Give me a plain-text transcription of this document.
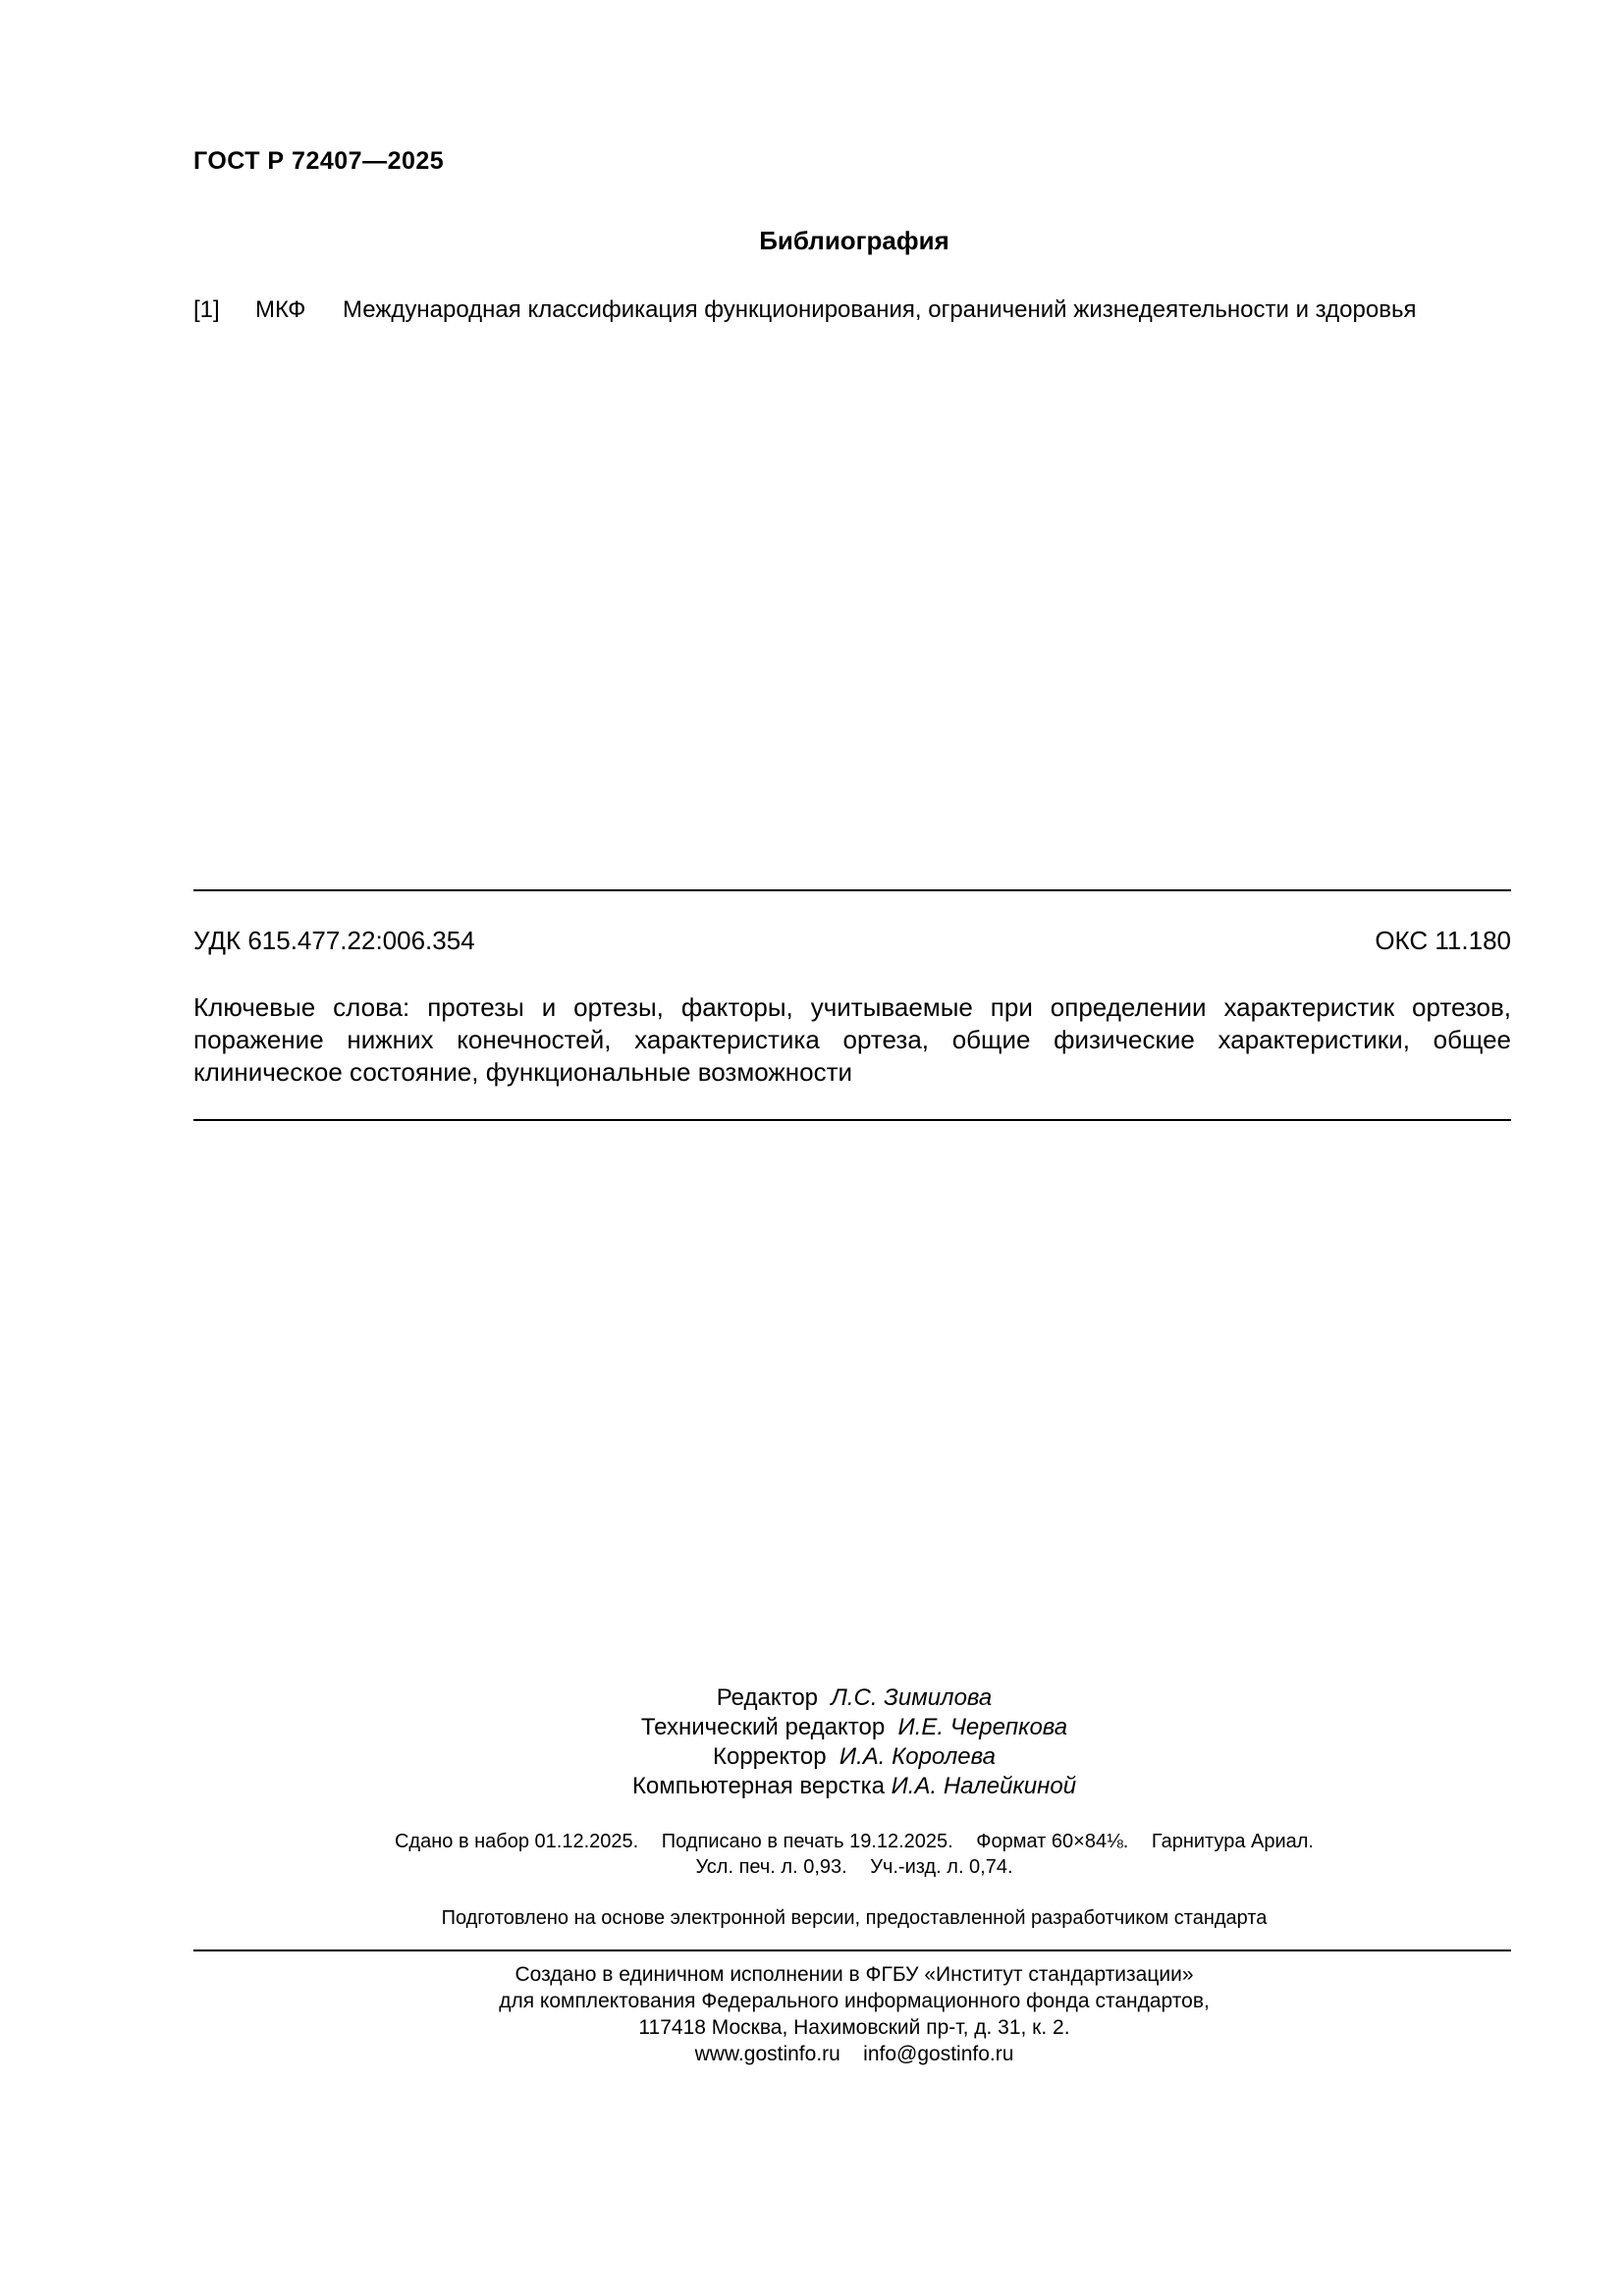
ГОСТ Р 72407—2025
Библиография
[1] МКФ Международная классификация функционирования, ограничений жизнедеятельности и здоровья
УДК 615.477.22:006.354	ОКС 11.180
Ключевые слова: протезы и ортезы, факторы, учитываемые при определении характеристик ортезов, поражение нижних конечностей, характеристика ортеза, общие физические характеристики, общее клиническое состояние, функциональные возможности
Редактор Л.С. Зимилова
Технический редактор И.Е. Черепкова
Корректор И.А. Королева
Компьютерная верстка И.А. Налейкиной
Сдано в набор 01.12.2025. Подписано в печать 19.12.2025. Формат 60×84⅛. Гарнитура Ариал.
Усл. печ. л. 0,93. Уч.-изд. л. 0,74.
Подготовлено на основе электронной версии, предоставленной разработчиком стандарта
Создано в единичном исполнении в ФГБУ «Институт стандартизации»
для комплектования Федерального информационного фонда стандартов,
117418 Москва, Нахимовский пр-т, д. 31, к. 2.
www.gostinfo.ru info@gostinfo.ru
